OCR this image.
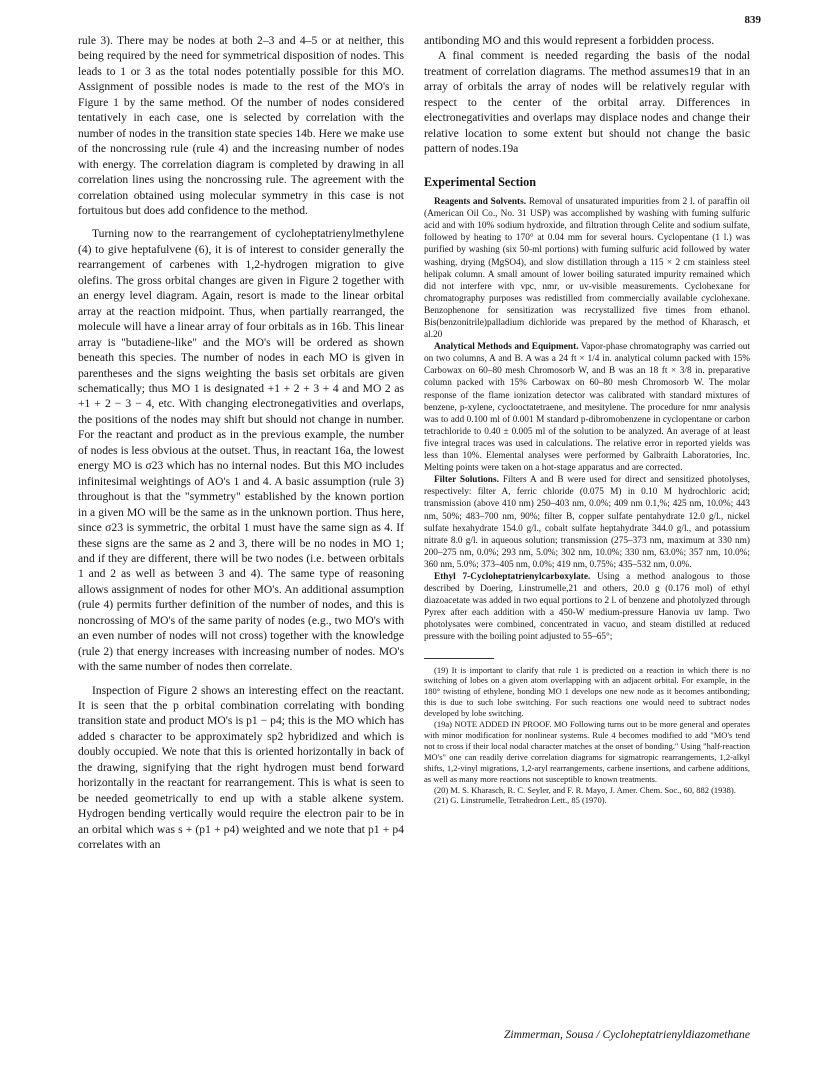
839

rule 3). There may be nodes at both 2–3 and 4–5 or at neither, this being required by the need for symmetrical disposition of nodes. This leads to 1 or 3 as the total nodes potentially possible for this MO. Assignment of possible nodes is made to the rest of the MO's in Figure 1 by the same method. Of the number of nodes considered tentatively in each case, one is selected by correlation with the number of nodes in the transition state species 14b. Here we make use of the noncrossing rule (rule 4) and the increasing number of nodes with energy. The correlation diagram is completed by drawing in all correlation lines using the noncrossing rule. The agreement with the correlation obtained using molecular symmetry in this case is not fortuitous but does add confidence to the method.

Turning now to the rearrangement of cycloheptatrienylmethylene (4) to give heptafulvene (6), it is of interest to consider generally the rearrangement of carbenes with 1,2-hydrogen migration to give olefins. The gross orbital changes are given in Figure 2 together with an energy level diagram. Again, resort is made to the linear orbital array at the reaction midpoint. Thus, when partially rearranged, the molecule will have a linear array of four orbitals as in 16b. This linear array is "butadiene-like" and the MO's will be ordered as shown beneath this species. The number of nodes in each MO is given in parentheses and the signs weighting the basis set orbitals are given schematically; thus MO 1 is designated +1 + 2 + 3 + 4 and MO 2 as +1 + 2 − 3 − 4, etc. With changing electronegativities and overlaps, the positions of the nodes may shift but should not change in number. For the reactant and product as in the previous example, the number of nodes is less obvious at the outset. Thus, in reactant 16a, the lowest energy MO is σ23 which has no internal nodes. But this MO includes infinitesimal weightings of AO's 1 and 4. A basic assumption (rule 3) throughout is that the "symmetry" established by the known portion in a given MO will be the same as in the unknown portion. Thus here, since σ23 is symmetric, the orbital 1 must have the same sign as 4. If these signs are the same as 2 and 3, there will be no nodes in MO 1; and if they are different, there will be two nodes (i.e. between orbitals 1 and 2 as well as between 3 and 4). The same type of reasoning allows assignment of nodes for other MO's. An additional assumption (rule 4) permits further definition of the number of nodes, and this is noncrossing of MO's of the same parity of nodes (e.g., two MO's with an even number of nodes will not cross) together with the knowledge (rule 2) that energy increases with increasing number of nodes. MO's with the same number of nodes then correlate.

Inspection of Figure 2 shows an interesting effect on the reactant. It is seen that the p orbital combination correlating with bonding transition state and product MO's is p1 − p4; this is the MO which has added s character to be approximately sp2 hybridized and which is doubly occupied. We note that this is oriented horizontally in back of the drawing, signifying that the right hydrogen must bend forward horizontally in the reactant for rearrangement. This is what is seen to be needed geometrically to end up with a stable alkene system. Hydrogen bending vertically would require the electron pair to be in an orbital which was s + (p1 + p4) weighted and we note that p1 + p4 correlates with an

antibonding MO and this would represent a forbidden process.

A final comment is needed regarding the basis of the nodal treatment of correlation diagrams. The method assumes19 that in an array of orbitals the array of nodes will be relatively regular with respect to the center of the orbital array. Differences in electronegativities and overlaps may displace nodes and change their relative location to some extent but should not change the basic pattern of nodes.19a

Experimental Section

Reagents and Solvents. Removal of unsaturated impurities from 2 l. of paraffin oil (American Oil Co., No. 31 USP) was accomplished by washing with fuming sulfuric acid and with 10% sodium hydroxide, and filtration through Celite and sodium sulfate, followed by heating to 170° at 0.04 mm for several hours. Cyclopentane (1 l.) was purified by washing (six 50-ml portions) with fuming sulfuric acid followed by water washing, drying (MgSO4), and slow distillation through a 115 × 2 cm stainless steel helipak column. A small amount of lower boiling saturated impurity remained which did not interfere with vpc, nmr, or uv-visible measurements. Cyclohexane for chromatography purposes was redistilled from commercially available cyclohexane. Benzophenone for sensitization was recrystallized five times from ethanol. Bis(benzonitrile)palladium dichloride was prepared by the method of Kharasch, et al.20

Analytical Methods and Equipment. Vapor-phase chromatography was carried out on two columns, A and B. A was a 24 ft × 1/4 in. analytical column packed with 15% Carbowax on 60–80 mesh Chromosorb W, and B was an 18 ft × 3/8 in. preparative column packed with 15% Carbowax on 60–80 mesh Chromosorb W. The molar response of the flame ionization detector was calibrated with standard mixtures of benzene, p-xylene, cyclooctatetraene, and mesitylene. The procedure for nmr analysis was to add 0.100 ml of 0.001 M standard p-dibromobenzene in cyclopentane or carbon tetrachloride to 0.40 ± 0.005 ml of the solution to be analyzed. An average of at least five integral traces was used in calculations. The relative error in reported yields was less than 10%. Elemental analyses were performed by Galbraith Laboratories, Inc. Melting points were taken on a hot-stage apparatus and are corrected.

Filter Solutions. Filters A and B were used for direct and sensitized photolyses, respectively: filter A, ferric chloride (0.075 M) in 0.10 M hydrochloric acid; transmission (above 410 nm) 250–403 nm, 0.0%; 409 nm 0.1,%; 425 nm, 10.0%; 443 nm, 50%; 483–700 nm, 90%; filter B, copper sulfate pentahydrate 12.0 g/l., nickel sulfate hexahydrate 154.0 g/l., cobalt sulfate heptahydrate 344.0 g/l., and potassium nitrate 8.0 g/l. in aqueous solution; transmission (275–373 nm, maximum at 330 nm) 200–275 nm, 0.0%; 293 nm, 5.0%; 302 nm, 10.0%; 330 nm, 63.0%; 357 nm, 10.0%; 360 nm, 5.0%; 373–405 nm, 0.0%; 419 nm, 0.75%; 435–532 nm, 0.0%.

Ethyl 7-Cycloheptatrienylcarboxylate. Using a method analogous to those described by Doering, Linstrumelle,21 and others, 20.0 g (0.176 mol) of ethyl diazoacetate was added in two equal portions to 2 l. of benzene and photolyzed through Pyrex after each addition with a 450-W medium-pressure Hanovia uv lamp. Two photolysates were combined, concentrated in vacuo, and steam distilled at reduced pressure with the boiling point adjusted to 55–65°;

(19) It is important to clarify that rule 1 is predicted on a reaction in which there is no switching of lobes on a given atom overlapping with an adjacent orbital. For example, in the 180° twisting of ethylene, bonding MO 1 develops one new node as it becomes antibonding; this is due to such lobe switching. For such reactions one would need to subtract nodes developed by lobe switching.

(19a) NOTE ADDED IN PROOF. MO Following turns out to be more general and operates with minor modification for nonlinear systems. Rule 4 becomes modified to add "MO's tend not to cross if their local nodal character matches at the onset of bonding." Using "half-reaction MO's" one can readily derive correlation diagrams for sigmatropic rearrangements, 1,2-alkyl shifts, 1,2-vinyl migrations, 1,2-aryl rearrangements, carbene insertions, and carbene additions, as well as many more reactions not susceptible to known treatments.

(20) M. S. Kharasch, R. C. Seyler, and F. R. Mayo, J. Amer. Chem. Soc., 60, 882 (1938).

(21) G. Linstrumelle, Tetrahedron Lett., 85 (1970).

Zimmerman, Sousa / Cycloheptatrienyldiazomethane
